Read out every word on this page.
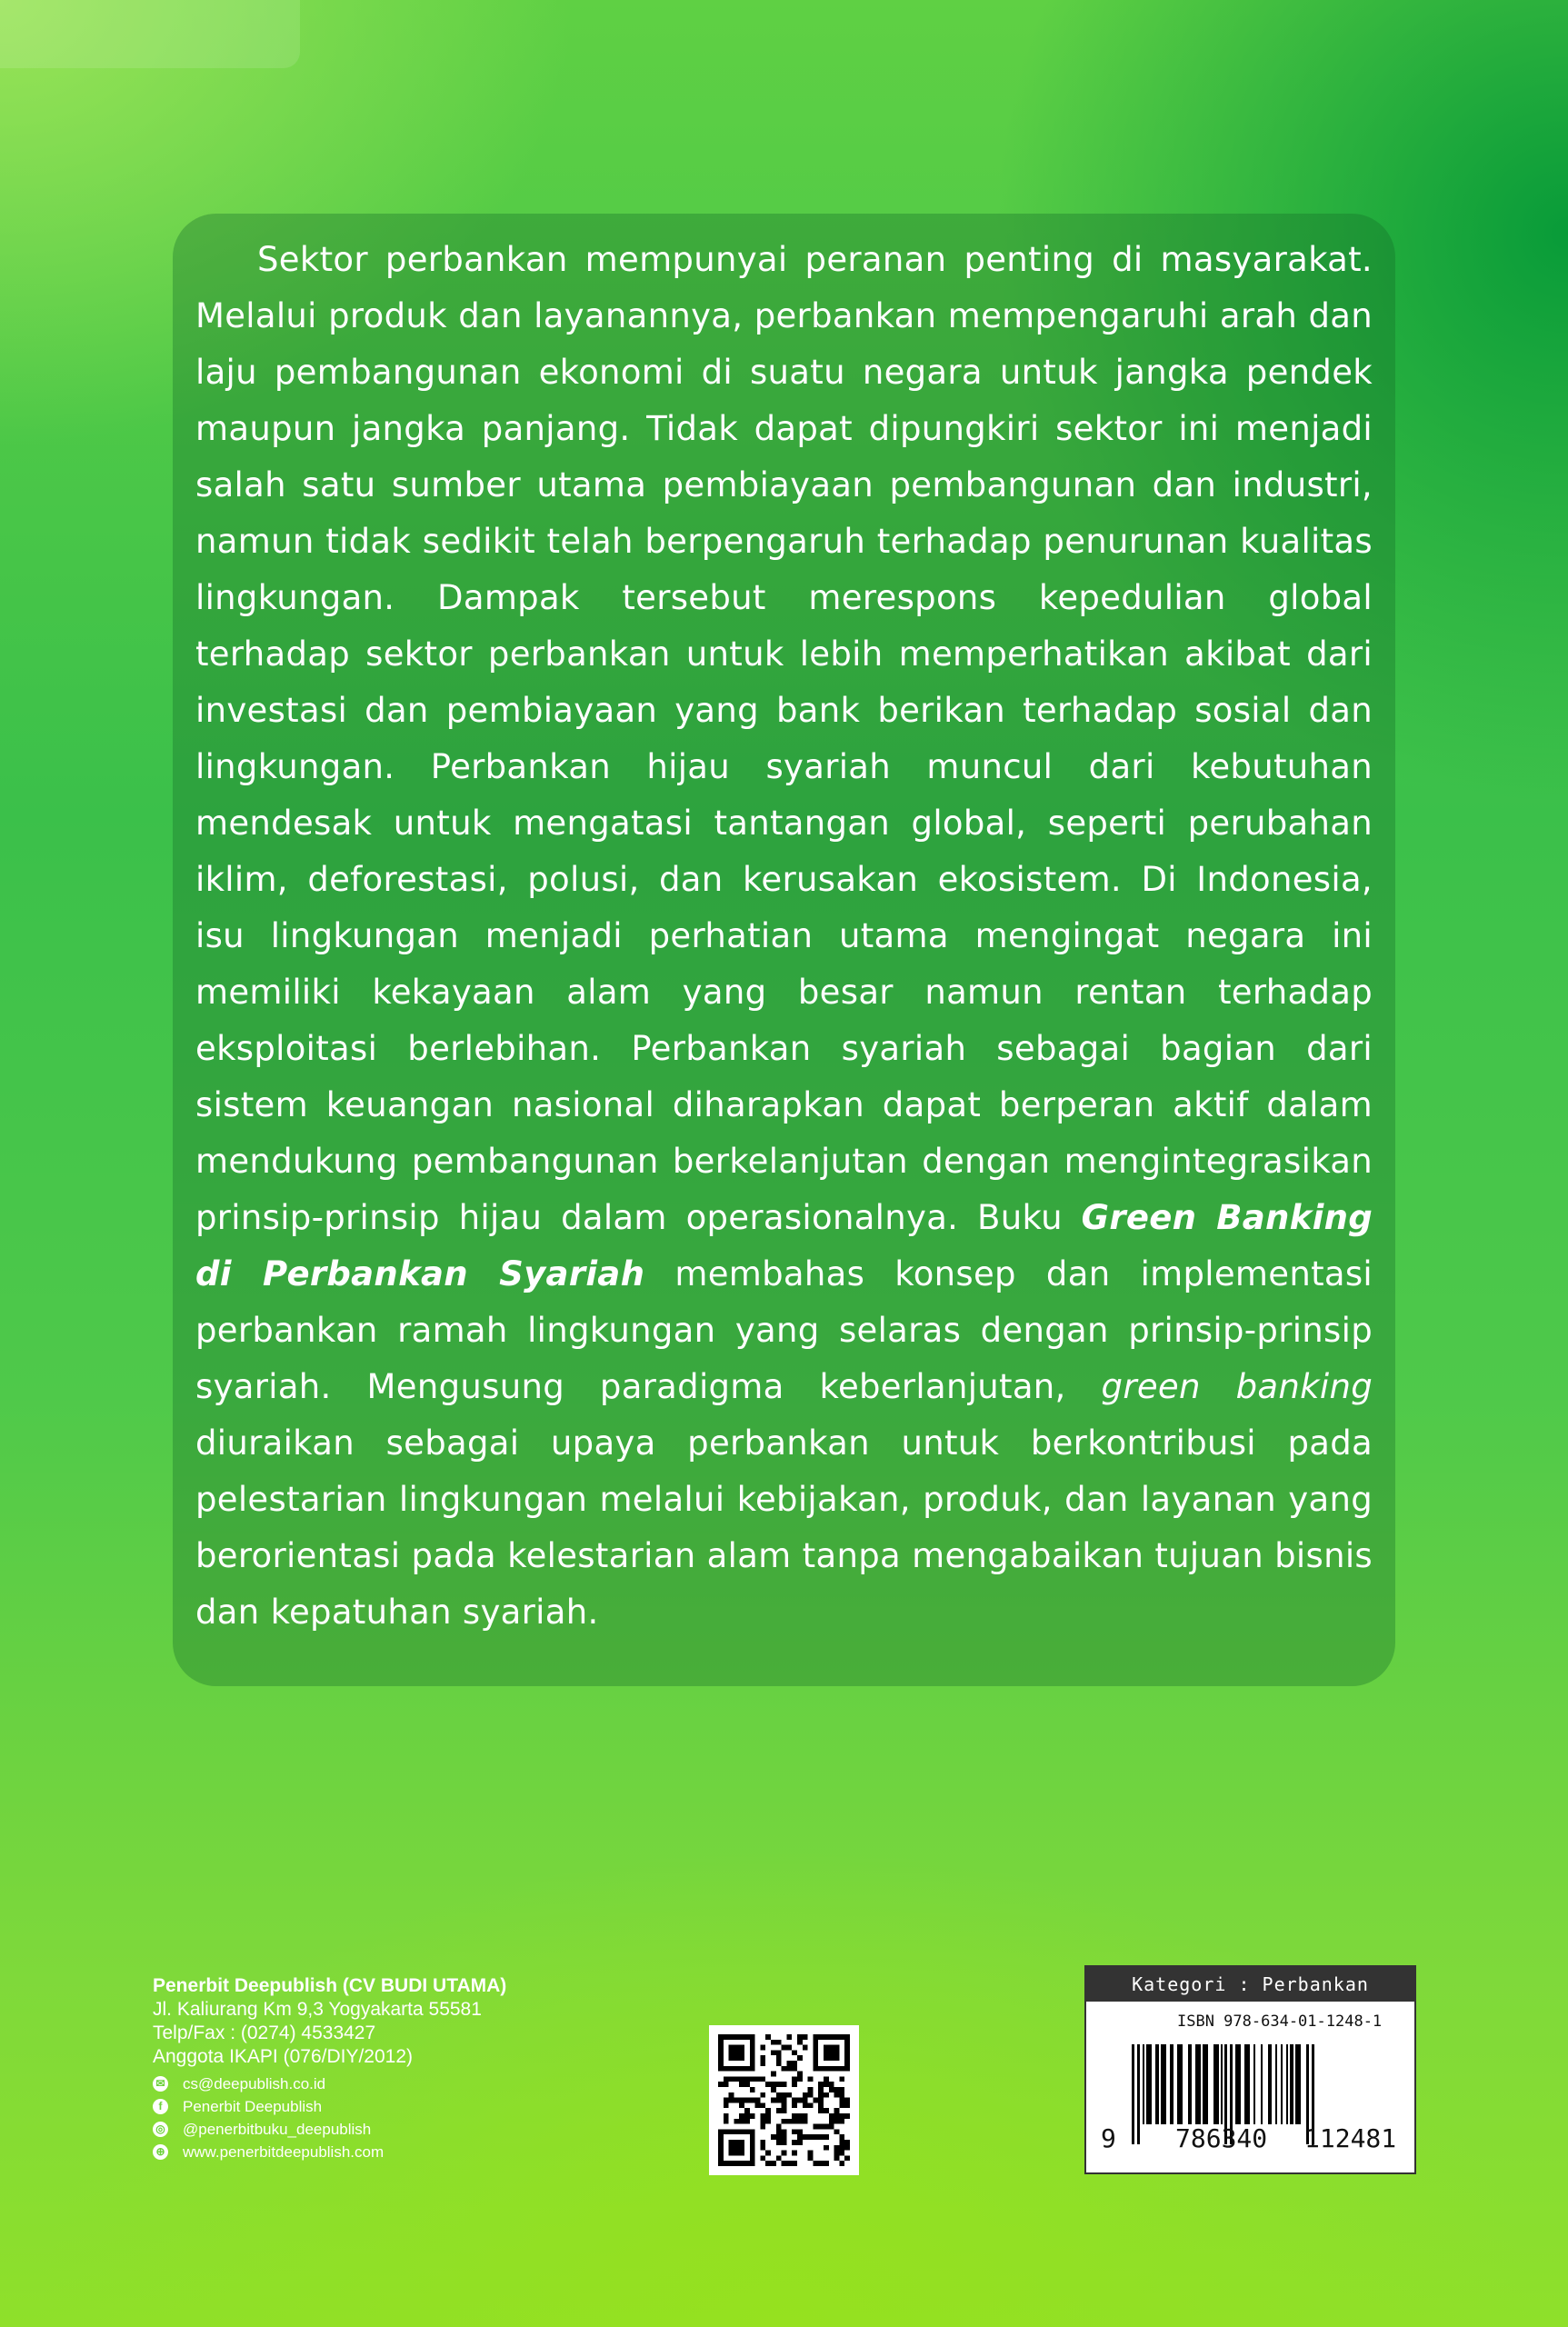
Sektor perbankan mempunyai peranan penting di masyarakat. Melalui produk dan layanannya, perbankan mempengaruhi arah dan laju pembangunan ekonomi di suatu negara untuk jangka pendek maupun jangka panjang. Tidak dapat dipungkiri sektor ini menjadi salah satu sumber utama pembiayaan pembangunan dan industri, namun tidak sedikit telah berpengaruh terhadap penurunan kualitas lingkungan. Dampak tersebut merespons kepedulian global terhadap sektor perbankan untuk lebih memperhatikan akibat dari investasi dan pembiayaan yang bank berikan terhadap sosial dan lingkungan. Perbankan hijau syariah muncul dari kebutuhan mendesak untuk mengatasi tantangan global, seperti perubahan iklim, deforestasi, polusi, dan kerusakan ekosistem. Di Indonesia, isu lingkungan menjadi perhatian utama mengingat negara ini memiliki kekayaan alam yang besar namun rentan terhadap eksploitasi berlebihan. Perbankan syariah sebagai bagian dari sistem keuangan nasional diharapkan dapat berperan aktif dalam mendukung pembangunan berkelanjutan dengan mengintegrasikan prinsip-prinsip hijau dalam operasionalnya. Buku Green Banking di Perbankan Syariah membahas konsep dan implementasi perbankan ramah lingkungan yang selaras dengan prinsip-prinsip syariah. Mengusung paradigma keberlanjutan, green banking diuraikan sebagai upaya perbankan untuk berkontribusi pada pelestarian lingkungan melalui kebijakan, produk, dan layanan yang berorientasi pada kelestarian alam tanpa mengabaikan tujuan bisnis dan kepatuhan syariah.

Penerbit Deepublish (CV BUDI UTAMA)
Jl. Kaliurang Km 9,3 Yogyakarta 55581
Telp/Fax : (0274) 4533427
Anggota IKAPI (076/DIY/2012)
✉ cs@deepublish.co.id
f	Penerbit Deepublish
◎ @penerbitbuku_deepublish
⊕ www.penerbitdeepublish.com
Kategori : Perbankan
ISBN 978-634-01-1248-1
9 786340 112481
